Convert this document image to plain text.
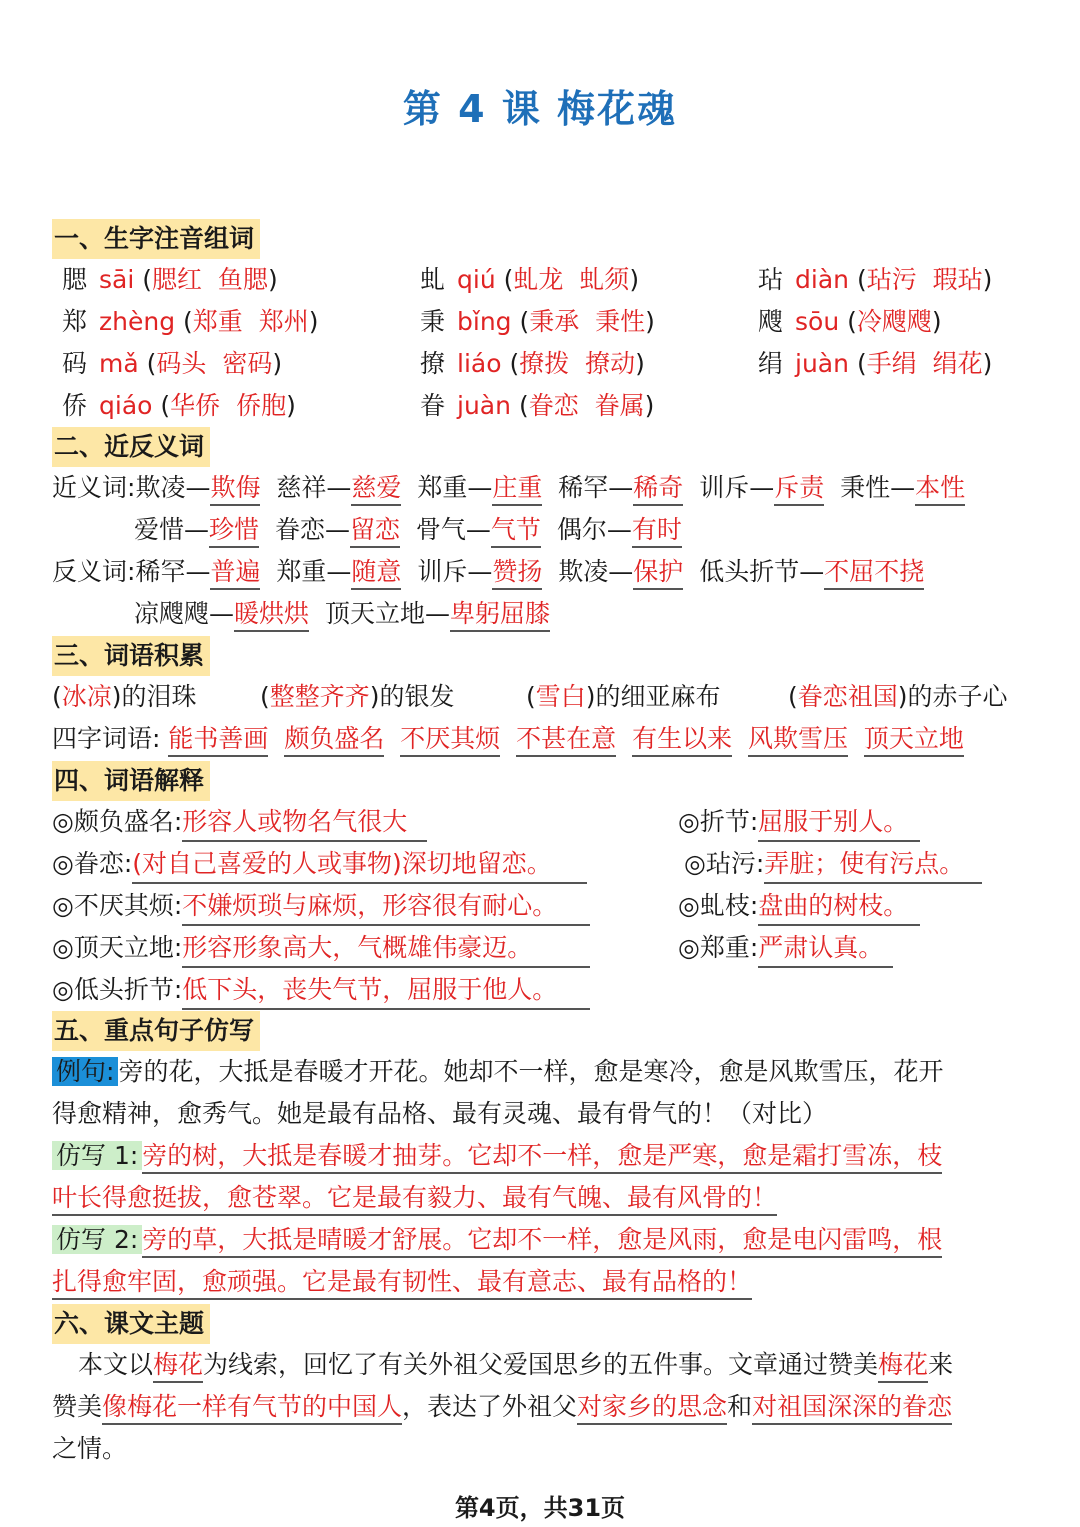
第 4 课 梅花魂
一、生字注音组词
腮 sāi (腮红  鱼腮)	虬 qiú (虬龙  虬须)	玷 diàn (玷污  瑕玷)
郑 zhèng (郑重  郑州)	秉 bǐng (秉承  秉性)	飕 sōu (冷飕飕)
码 mǎ (码头  密码)	撩 liáo (撩拨  撩动)	绢 juàn (手绢  绢花)
侨 qiáo (华侨  侨胞)	眷 juàn (眷恋  眷属)
二、近反义词
近义词:欺凌—欺侮 慈祥—慈爱 郑重—庄重 稀罕—稀奇 训斥—斥责 秉性—本性
爱惜—珍惜 眷恋—留恋 骨气—气节 偶尔—有时
反义词:稀罕—普遍 郑重—随意 训斥—赞扬 欺凌—保护 低头折节—不屈不挠
凉飕飕—暖烘烘 顶天立地—卑躬屈膝
三、词语积累
(冰凉)的泪珠	(整整齐齐)的银发	(雪白)的细亚麻布	(眷恋祖国)的赤子心
四字词语: 能书善画 颇负盛名 不厌其烦 不甚在意 有生以来 风欺雪压 顶天立地
四、词语解释
◎颇负盛名:形容人或物名气很大
◎眷恋:(对自己喜爱的人或事物)深切地留恋。
◎不厌其烦:不嫌烦琐与麻烦，形容很有耐心。
◎顶天立地:形容形象高大，气概雄伟豪迈。
◎低头折节:低下头，丧失气节，屈服于他人。
◎折节:屈服于别人。
◎玷污:弄脏；使有污点。
◎虬枝:盘曲的树枝。
◎郑重:严肃认真。
五、重点句子仿写
例句: 旁的花，大抵是春暖才开花。她却不一样，愈是寒冷，愈是风欺雪压，花开
得愈精神，愈秀气。她是最有品格、最有灵魂、最有骨气的！（对比）
仿写 1: 旁的树，大抵是春暖才抽芽。它却不一样，愈是严寒，愈是霜打雪冻，枝
叶长得愈挺拔，愈苍翠。它是最有毅力、最有气魄、最有风骨的！
仿写 2: 旁的草，大抵是晴暖才舒展。它却不一样，愈是风雨，愈是电闪雷鸣，根
扎得愈牢固，愈顽强。它是最有韧性、最有意志、最有品格的！
六、课文主题
本文以梅花为线索，回忆了有关外祖父爱国思乡的五件事。文章通过赞美梅花来
赞美像梅花一样有气节的中国人，表达了外祖父对家乡的思念和对祖国深深的眷恋
之情。
第4页，共31页
